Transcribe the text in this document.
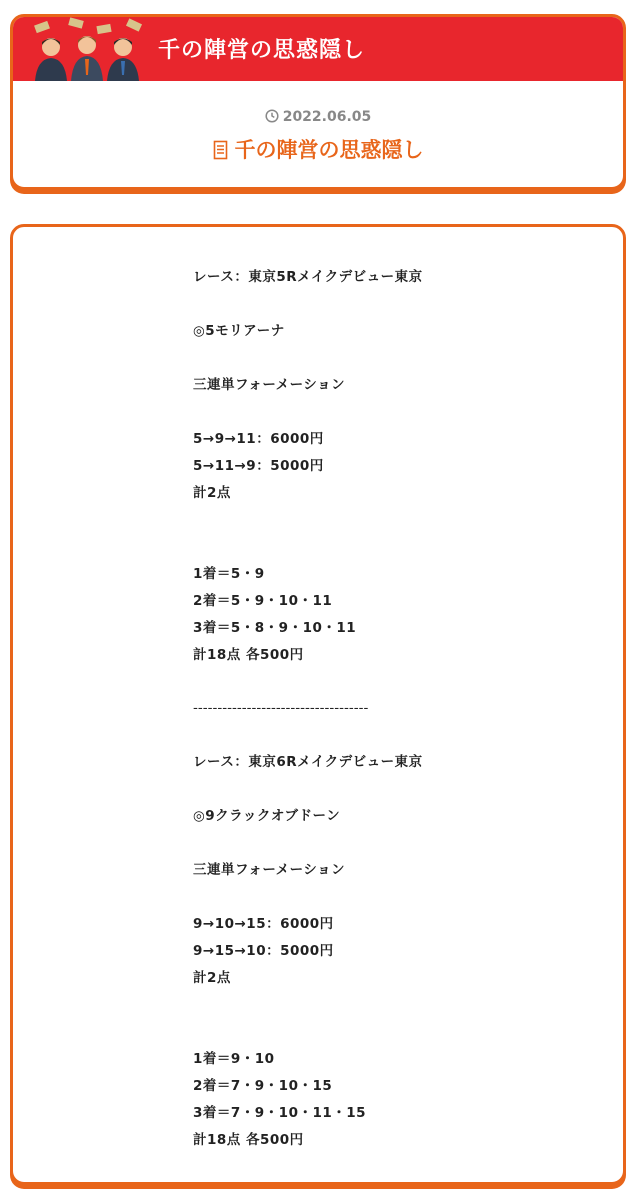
千の陣営の思惑隠し
2022.06.05
千の陣営の思惑隠し
レース：東京5Rメイクデビュー東京
◎5モリアーナ
三連単フォーメーション
5→9→11：6000円
5→11→9：5000円
計2点
1着＝5・9
2着＝5・9・10・11
3着＝5・8・9・10・11
計18点 各500円
------------------------------------
レース：東京6Rメイクデビュー東京
◎9クラックオブドーン
三連単フォーメーション
9→10→15：6000円
9→15→10：5000円
計2点
1着＝9・10
2着＝7・9・10・15
3着＝7・9・10・11・15
計18点 各500円
